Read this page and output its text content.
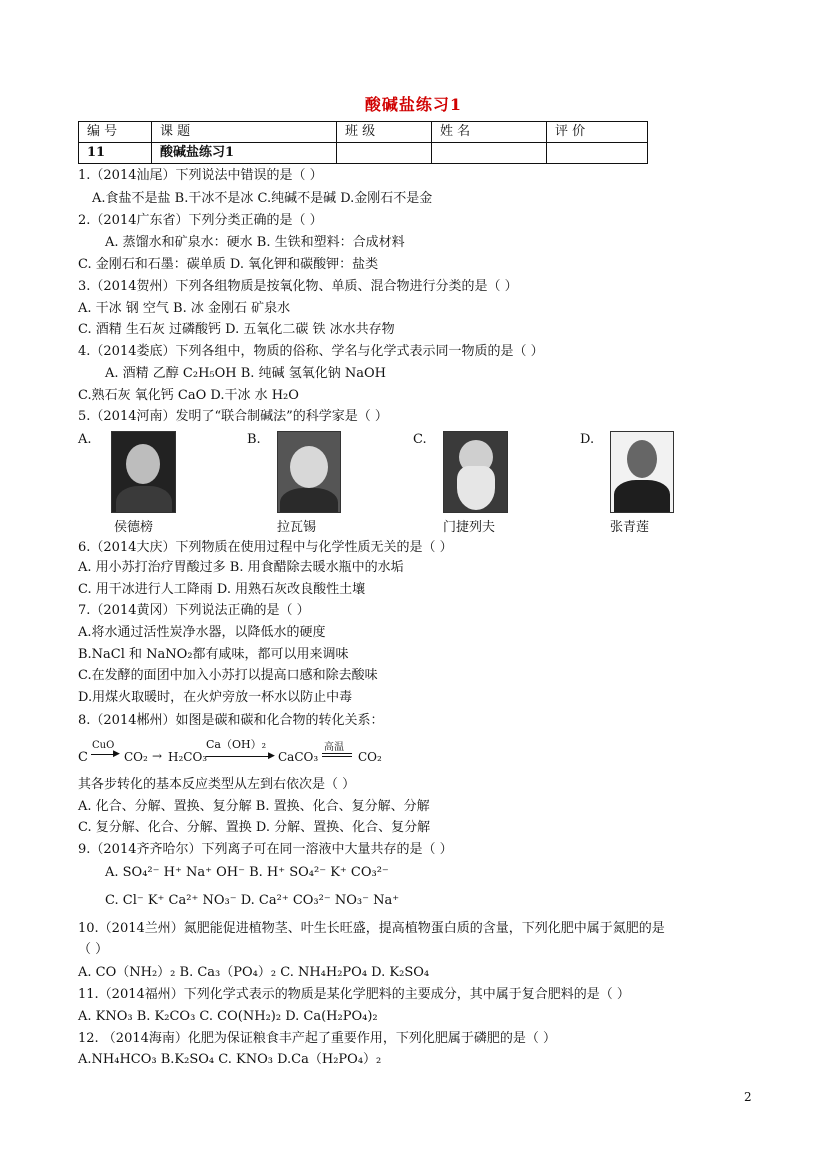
酸碱盐练习1
编 号	课 题	班 级	姓 名	评 价
11	酸碱盐练习1			
1.（2014汕尾）下列说法中错误的是（ ）
A.食盐不是盐 B.干冰不是冰 C.纯碱不是碱 D.金刚石不是金
2.（2014广东省）下列分类正确的是（ ）
A. 蒸馏水和矿泉水：硬水 B. 生铁和塑料：合成材料
C. 金刚石和石墨：碳单质 D. 氧化钾和碳酸钾：盐类
3.（2014贺州）下列各组物质是按氧化物、单质、混合物进行分类的是（ ）
A. 干冰 钢 空气 B. 冰 金刚石 矿泉水
C. 酒精 生石灰 过磷酸钙 D. 五氧化二碳 铁 冰水共存物
4.（2014娄底）下列各组中，物质的俗称、学名与化学式表示同一物质的是（ ）
A. 酒精 乙醇 C₂H₅OH B. 纯碱 氢氧化钠 NaOH
C.熟石灰 氧化钙 CaO D.干冰 水 H₂O
5.（2014河南）发明了“联合制碱法”的科学家是（ ）
6.（2014大庆）下列物质在使用过程中与化学性质无关的是（ ）
A. 用小苏打治疗胃酸过多 B. 用食醋除去暖水瓶中的水垢
C. 用干冰进行人工降雨 D. 用熟石灰改良酸性土壤
7.（2014黄冈）下列说法正确的是（ ）
A.将水通过活性炭净水器，以降低水的硬度
B.NaCl 和 NaNO₂都有咸味，都可以用来调味
C.在发酵的面团中加入小苏打以提高口感和除去酸味
D.用煤火取暖时，在火炉旁放一杯水以防止中毒
8.（2014郴州）如图是碳和碳和化合物的转化关系：
其各步转化的基本反应类型从左到右依次是（ ）
A. 化合、分解、置换、复分解 B. 置换、化合、复分解、分解
C. 复分解、化合、分解、置换 D. 分解、置换、化合、复分解
9.（2014齐齐哈尔）下列离子可在同一溶液中大量共存的是（ ）
A. SO₄²⁻ H⁺ Na⁺ OH⁻ B. H⁺ SO₄²⁻ K⁺ CO₃²⁻
C. Cl⁻ K⁺ Ca²⁺ NO₃⁻ D. Ca²⁺ CO₃²⁻ NO₃⁻ Na⁺
10.（2014兰州）氮肥能促进植物茎、叶生长旺盛，提高植物蛋白质的含量，下列化肥中属于氮肥的是
（ ）
A. CO（NH₂）₂ B. Ca₃（PO₄）₂ C. NH₄H₂PO₄ D. K₂SO₄
11.（2014福州）下列化学式表示的物质是某化学肥料的主要成分，其中属于复合肥料的是（ ）
A. KNO₃ B. K₂CO₃ C. CO(NH₂)₂ D. Ca(H₂PO₄)₂
12. （2014海南）化肥为保证粮食丰产起了重要作用，下列化肥属于磷肥的是（ ）
A.NH₄HCO₃ B.K₂SO₄ C. KNO₃ D.Ca（H₂PO₄）₂
A.	B.	C.	D.
侯德榜	拉瓦锡	门捷列夫	张青莲
C
CuO
▶ CO₂ → H₂CO₃
Ca（OH）₂
▶ CaCO₃
高温
CO₂
2
